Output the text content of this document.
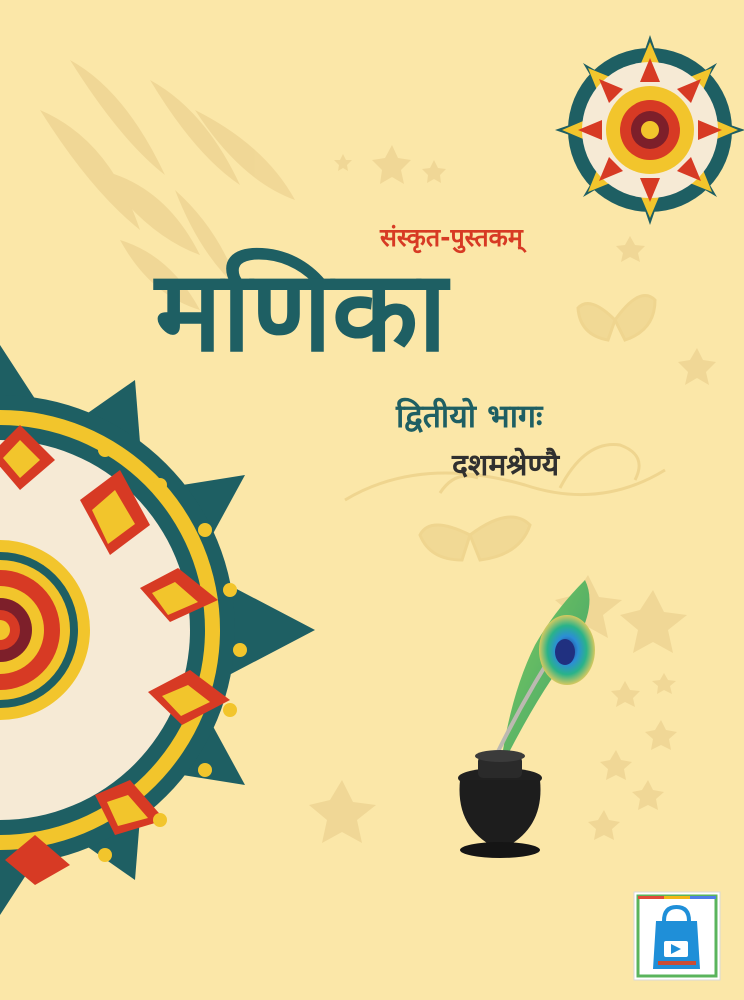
संस्कृत-पुस्तकम्
मणिका
द्वितीयो भागः
दशमश्रेण्यै
